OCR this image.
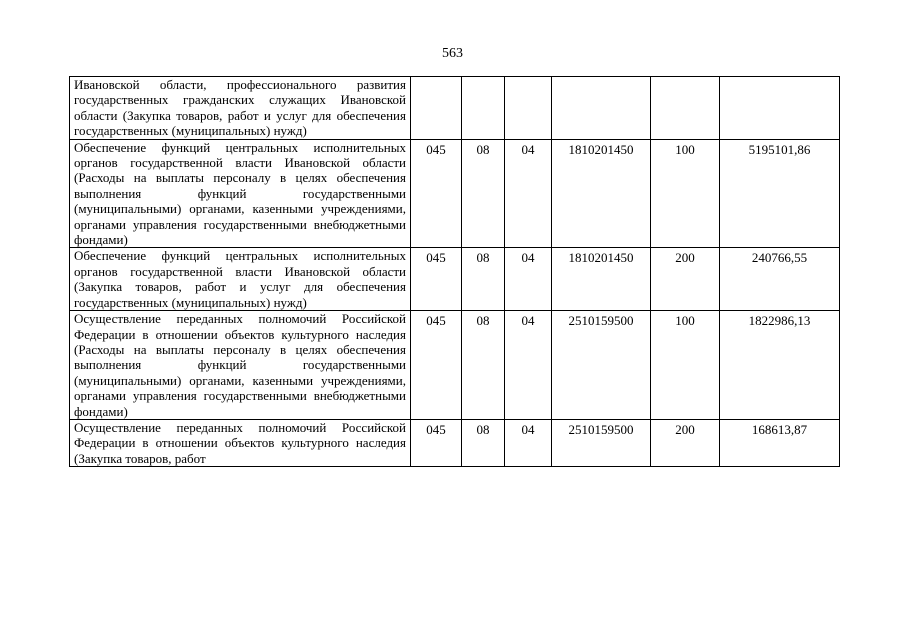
563
Ивановской области, профессионального развития государственных гражданских служащих Ивановской области (Закупка товаров, работ и услуг для обеспечения государственных (муниципальных) нужд)						
Обеспечение функций центральных исполнительных органов государственной власти Ивановской области (Расходы на выплаты персоналу в целях обеспечения выполнения функций государственными (муниципальными) органами, казенными учреждениями, органами управления государственными внебюджетными фондами)	045	08	04	1810201450	100	5195101,86
Обеспечение функций центральных исполнительных органов государственной власти Ивановской области (Закупка товаров, работ и услуг для обеспечения государственных (муниципальных) нужд)	045	08	04	1810201450	200	240766,55
Осуществление переданных полномочий Российской Федерации в отношении объектов культурного наследия (Расходы на выплаты персоналу в целях обеспечения выполнения функций государственными (муниципальными) органами, казенными учреждениями, органами управления государственными внебюджетными фондами)	045	08	04	2510159500	100	1822986,13
Осуществление переданных полномочий Российской Федерации в отношении объектов культурного наследия (Закупка товаров, работ	045	08	04	2510159500	200	168613,87
